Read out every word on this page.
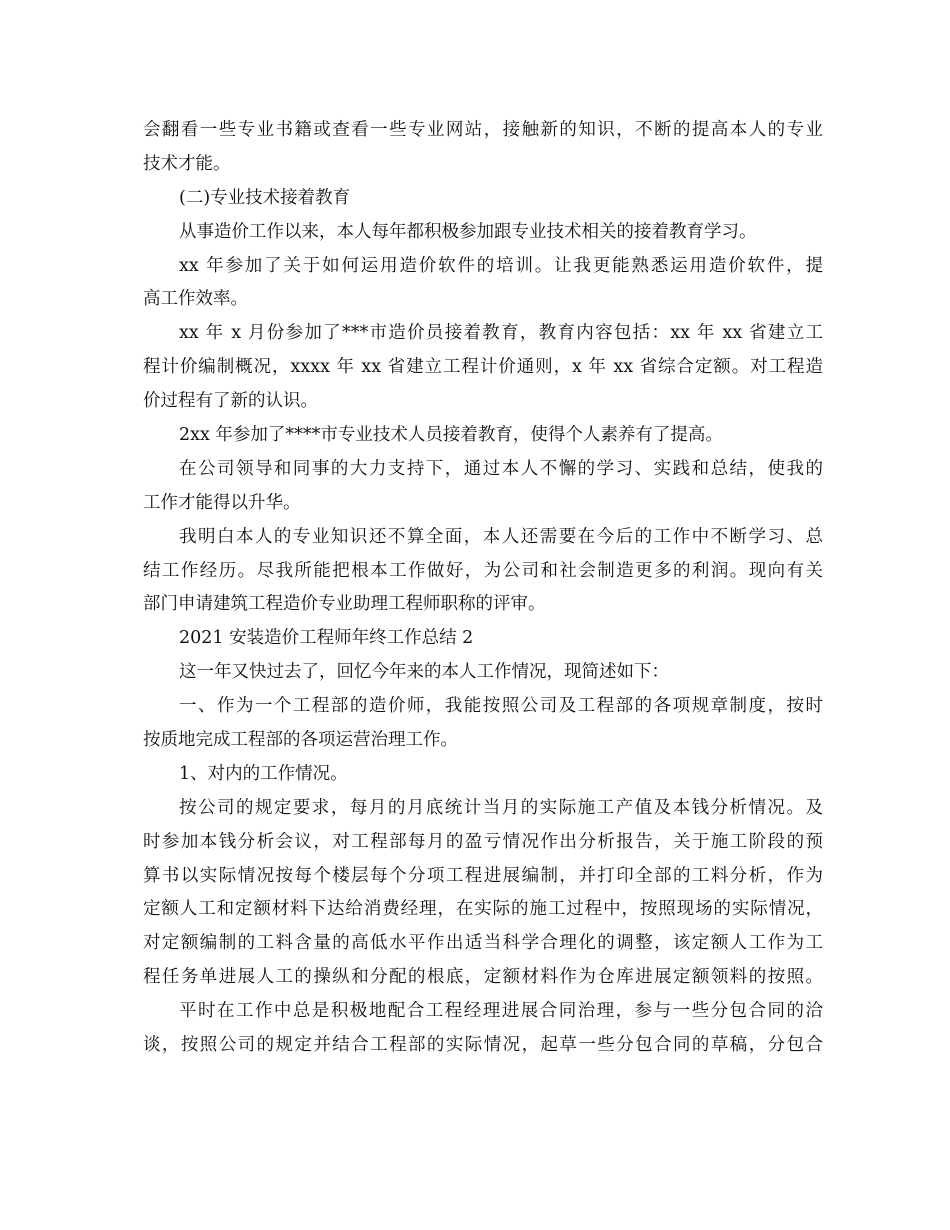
会翻看一些专业书籍或查看一些专业网站，接触新的知识，不断的提高本人的专业
技术才能。
(二)专业技术接着教育
从事造价工作以来，本人每年都积极参加跟专业技术相关的接着教育学习。
xx 年参加了关于如何运用造价软件的培训。让我更能熟悉运用造价软件，提
高工作效率。
xx 年 x 月份参加了***市造价员接着教育，教育内容包括：xx 年 xx 省建立工
程计价编制概况，xxxx 年 xx 省建立工程计价通则，x 年 xx 省综合定额。对工程造
价过程有了新的认识。
2xx 年参加了****市专业技术人员接着教育，使得个人素养有了提高。
在公司领导和同事的大力支持下，通过本人不懈的学习、实践和总结，使我的
工作才能得以升华。
我明白本人的专业知识还不算全面，本人还需要在今后的工作中不断学习、总
结工作经历。尽我所能把根本工作做好，为公司和社会制造更多的利润。现向有关
部门申请建筑工程造价专业助理工程师职称的评审。
2021 安装造价工程师年终工作总结 2
这一年又快过去了，回忆今年来的本人工作情况，现简述如下：
一、作为一个工程部的造价师，我能按照公司及工程部的各项规章制度，按时
按质地完成工程部的各项运营治理工作。
1、对内的工作情况。
按公司的规定要求，每月的月底统计当月的实际施工产值及本钱分析情况。及
时参加本钱分析会议，对工程部每月的盈亏情况作出分析报告，关于施工阶段的预
算书以实际情况按每个楼层每个分项工程进展编制，并打印全部的工料分析，作为
定额人工和定额材料下达给消费经理，在实际的施工过程中，按照现场的实际情况，
对定额编制的工料含量的高低水平作出适当科学合理化的调整，该定额人工作为工
程任务单进展人工的操纵和分配的根底，定额材料作为仓库进展定额领料的按照。
平时在工作中总是积极地配合工程经理进展合同治理，参与一些分包合同的洽
谈，按照公司的规定并结合工程部的实际情况，起草一些分包合同的草稿，分包合
